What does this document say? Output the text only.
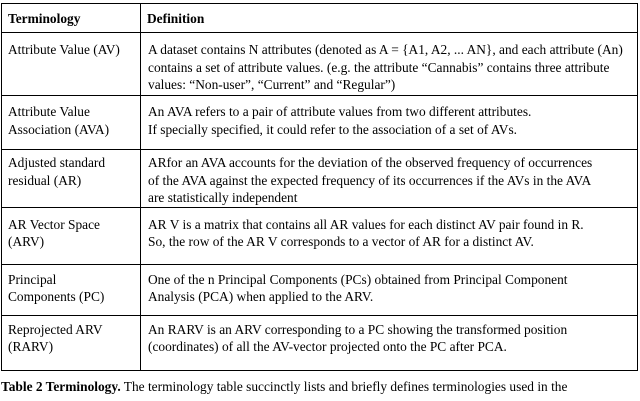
Terminology	Definition

Attribute Value (AV)	A dataset contains N attributes (denoted as A = {A1, A2, ... AN}, and each attribute (An)
contains a set of attribute values. (e.g. the attribute “Cannabis” contains three attribute
values: “Non-user”, “Current” and “Regular”)

Attribute Value
Association (AVA)	An AVA refers to a pair of attribute values from two different attributes.
If specially specified, it could refer to the association of a set of AVs.

Adjusted standard
residual (AR)	ARfor an AVA accounts for the deviation of the observed frequency of occurrences
of the AVA against the expected frequency of its occurrences if the AVs in the AVA
are statistically independent

AR Vector Space
(ARV)	AR V is a matrix that contains all AR values for each distinct AV pair found in R.
So, the row of the AR V corresponds to a vector of AR for a distinct AV.

Principal
Components (PC)	One of the n Principal Components (PCs) obtained from Principal Component
Analysis (PCA) when applied to the ARV.

Reprojected ARV
(RARV)	An RARV is an ARV corresponding to a PC showing the transformed position
(coordinates) of all the AV-vector projected onto the PC after PCA.
Table 2 Terminology. The terminology table succinctly lists and briefly defines terminologies used in the
